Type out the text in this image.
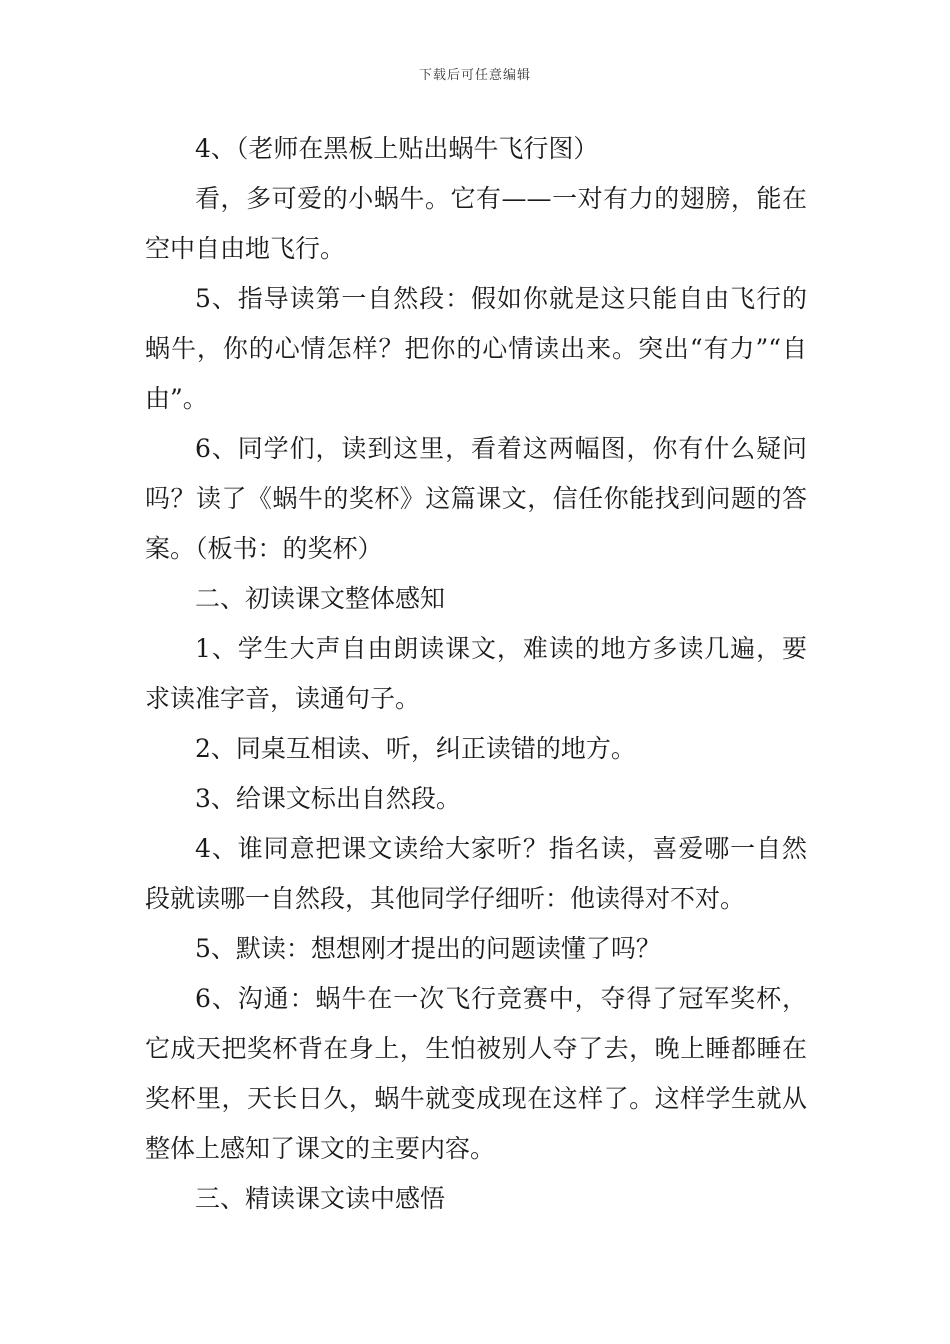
下载后可任意编辑

4、（老师在黑板上贴出蜗牛飞行图）

看，多可爱的小蜗牛。它有——一对有力的翅膀，能在空中自由地飞行。

5、指导读第一自然段：假如你就是这只能自由飞行的蜗牛，你的心情怎样？把你的心情读出来。突出“有力”“自由”。

6、同学们，读到这里，看着这两幅图，你有什么疑问吗？读了《蜗牛的奖杯》这篇课文，信任你能找到问题的答案。（板书：的奖杯）

二、初读课文整体感知

1、学生大声自由朗读课文，难读的地方多读几遍，要求读准字音，读通句子。

2、同桌互相读、听，纠正读错的地方。

3、给课文标出自然段。

4、谁同意把课文读给大家听？指名读，喜爱哪一自然段就读哪一自然段，其他同学仔细听：他读得对不对。

5、默读：想想刚才提出的问题读懂了吗？

6、沟通：蜗牛在一次飞行竞赛中，夺得了冠军奖杯，它成天把奖杯背在身上，生怕被别人夺了去，晚上睡都睡在奖杯里，天长日久，蜗牛就变成现在这样了。这样学生就从整体上感知了课文的主要内容。

三、精读课文读中感悟
